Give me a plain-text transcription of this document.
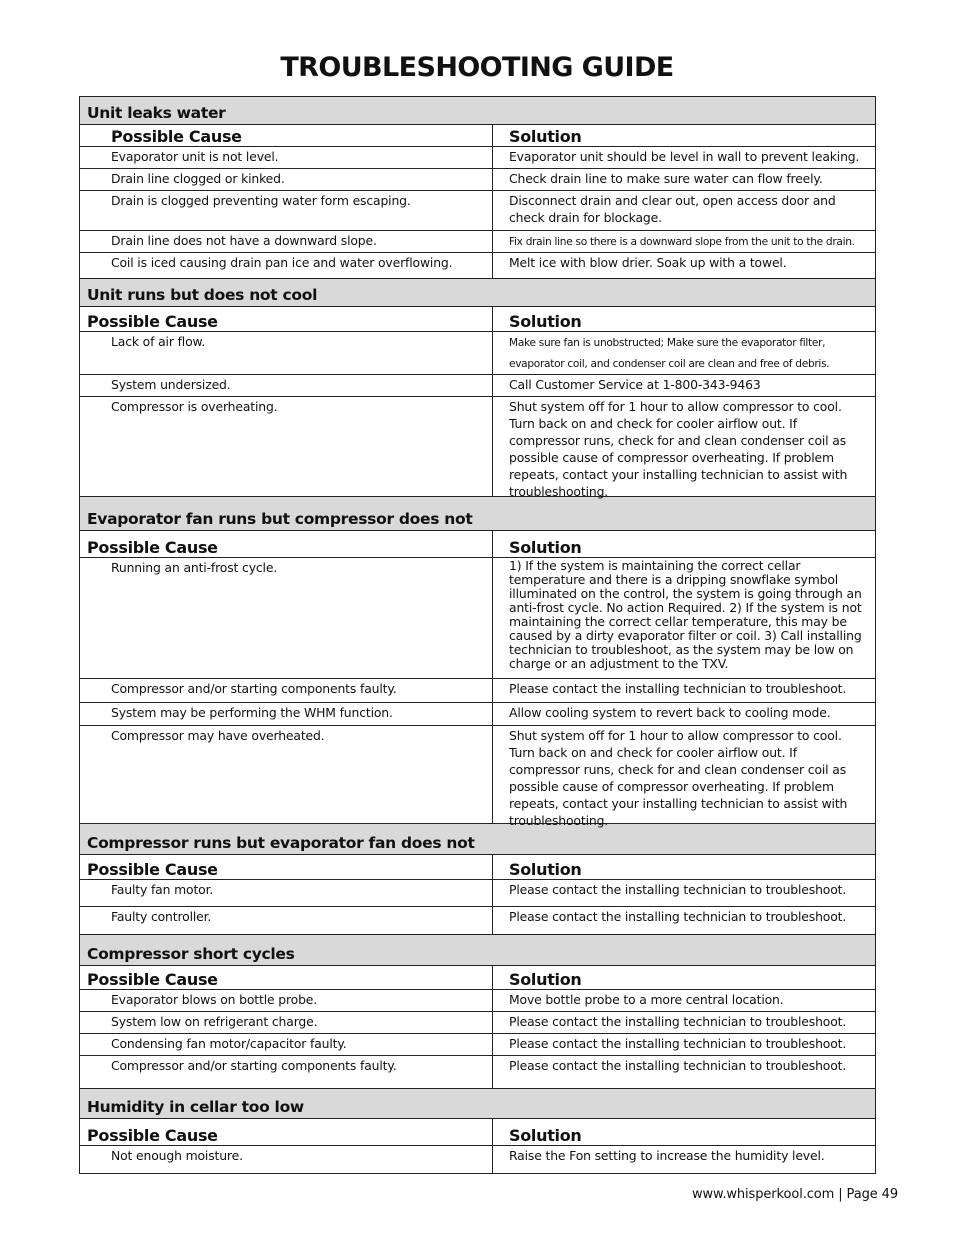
TROUBLESHOOTING GUIDE
Unit leaks water
Possible Cause	Solution
Evaporator unit is not level.	Evaporator unit should be level in wall to prevent leaking.
Drain line clogged or kinked.	Check drain line to make sure water can flow freely.
Drain is clogged preventing water form escaping.	Disconnect drain and clear out, open access door and
check drain for blockage.
Drain line does not have a downward slope.	Fix drain line so there is a downward slope from the unit to the drain.
Coil is iced causing drain pan ice and water overflowing.	Melt ice with blow drier. Soak up with a towel.
Unit runs but does not cool
Possible Cause	Solution
Lack of air flow.	Make sure fan is unobstructed; Make sure the evaporator filter,
evaporator coil, and condenser coil are clean and free of debris.
System undersized.	Call Customer Service at 1-800-343-9463
Compressor is overheating.	Shut system off for 1 hour to allow compressor to cool. Turn back on and check for cooler airflow out. If compressor runs, check for and clean condenser coil as possible cause of compressor overheating. If problem repeats, contact your installing technician to assist with troubleshooting.
Evaporator fan runs but compressor does not
Possible Cause	Solution
Running an anti-frost cycle.	1) If the system is maintaining the correct cellar temperature and there is a dripping snowflake symbol illuminated on the control, the system is going through an anti-frost cycle. No action Required. 2) If the system is not maintaining the correct cellar temperature, this may be caused by a dirty evaporator filter or coil. 3) Call installing technician to troubleshoot, as the system may be low on charge or an adjustment to the TXV.
Compressor and/or starting components faulty.	Please contact the installing technician to troubleshoot.
System may be performing the WHM function.	Allow cooling system to revert back to cooling mode.
Compressor may have overheated.	Shut system off for 1 hour to allow compressor to cool. Turn back on and check for cooler airflow out. If compressor runs, check for and clean condenser coil as possible cause of compressor overheating. If problem repeats, contact your installing technician to assist with troubleshooting.
Compressor runs but evaporator fan does not
Possible Cause	Solution
Faulty fan motor.	Please contact the installing technician to troubleshoot.
Faulty controller.	Please contact the installing technician to troubleshoot.
Compressor short cycles
Possible Cause	Solution
Evaporator blows on bottle probe.	Move bottle probe to a more central location.
System low on refrigerant charge.	Please contact the installing technician to troubleshoot.
Condensing fan motor/capacitor faulty.	Please contact the installing technician to troubleshoot.
Compressor and/or starting components faulty.	Please contact the installing technician to troubleshoot.
Humidity in cellar too low
Possible Cause	Solution
Not enough moisture.	Raise the Fon setting to increase the humidity level.
www.whisperkool.com | Page 49
